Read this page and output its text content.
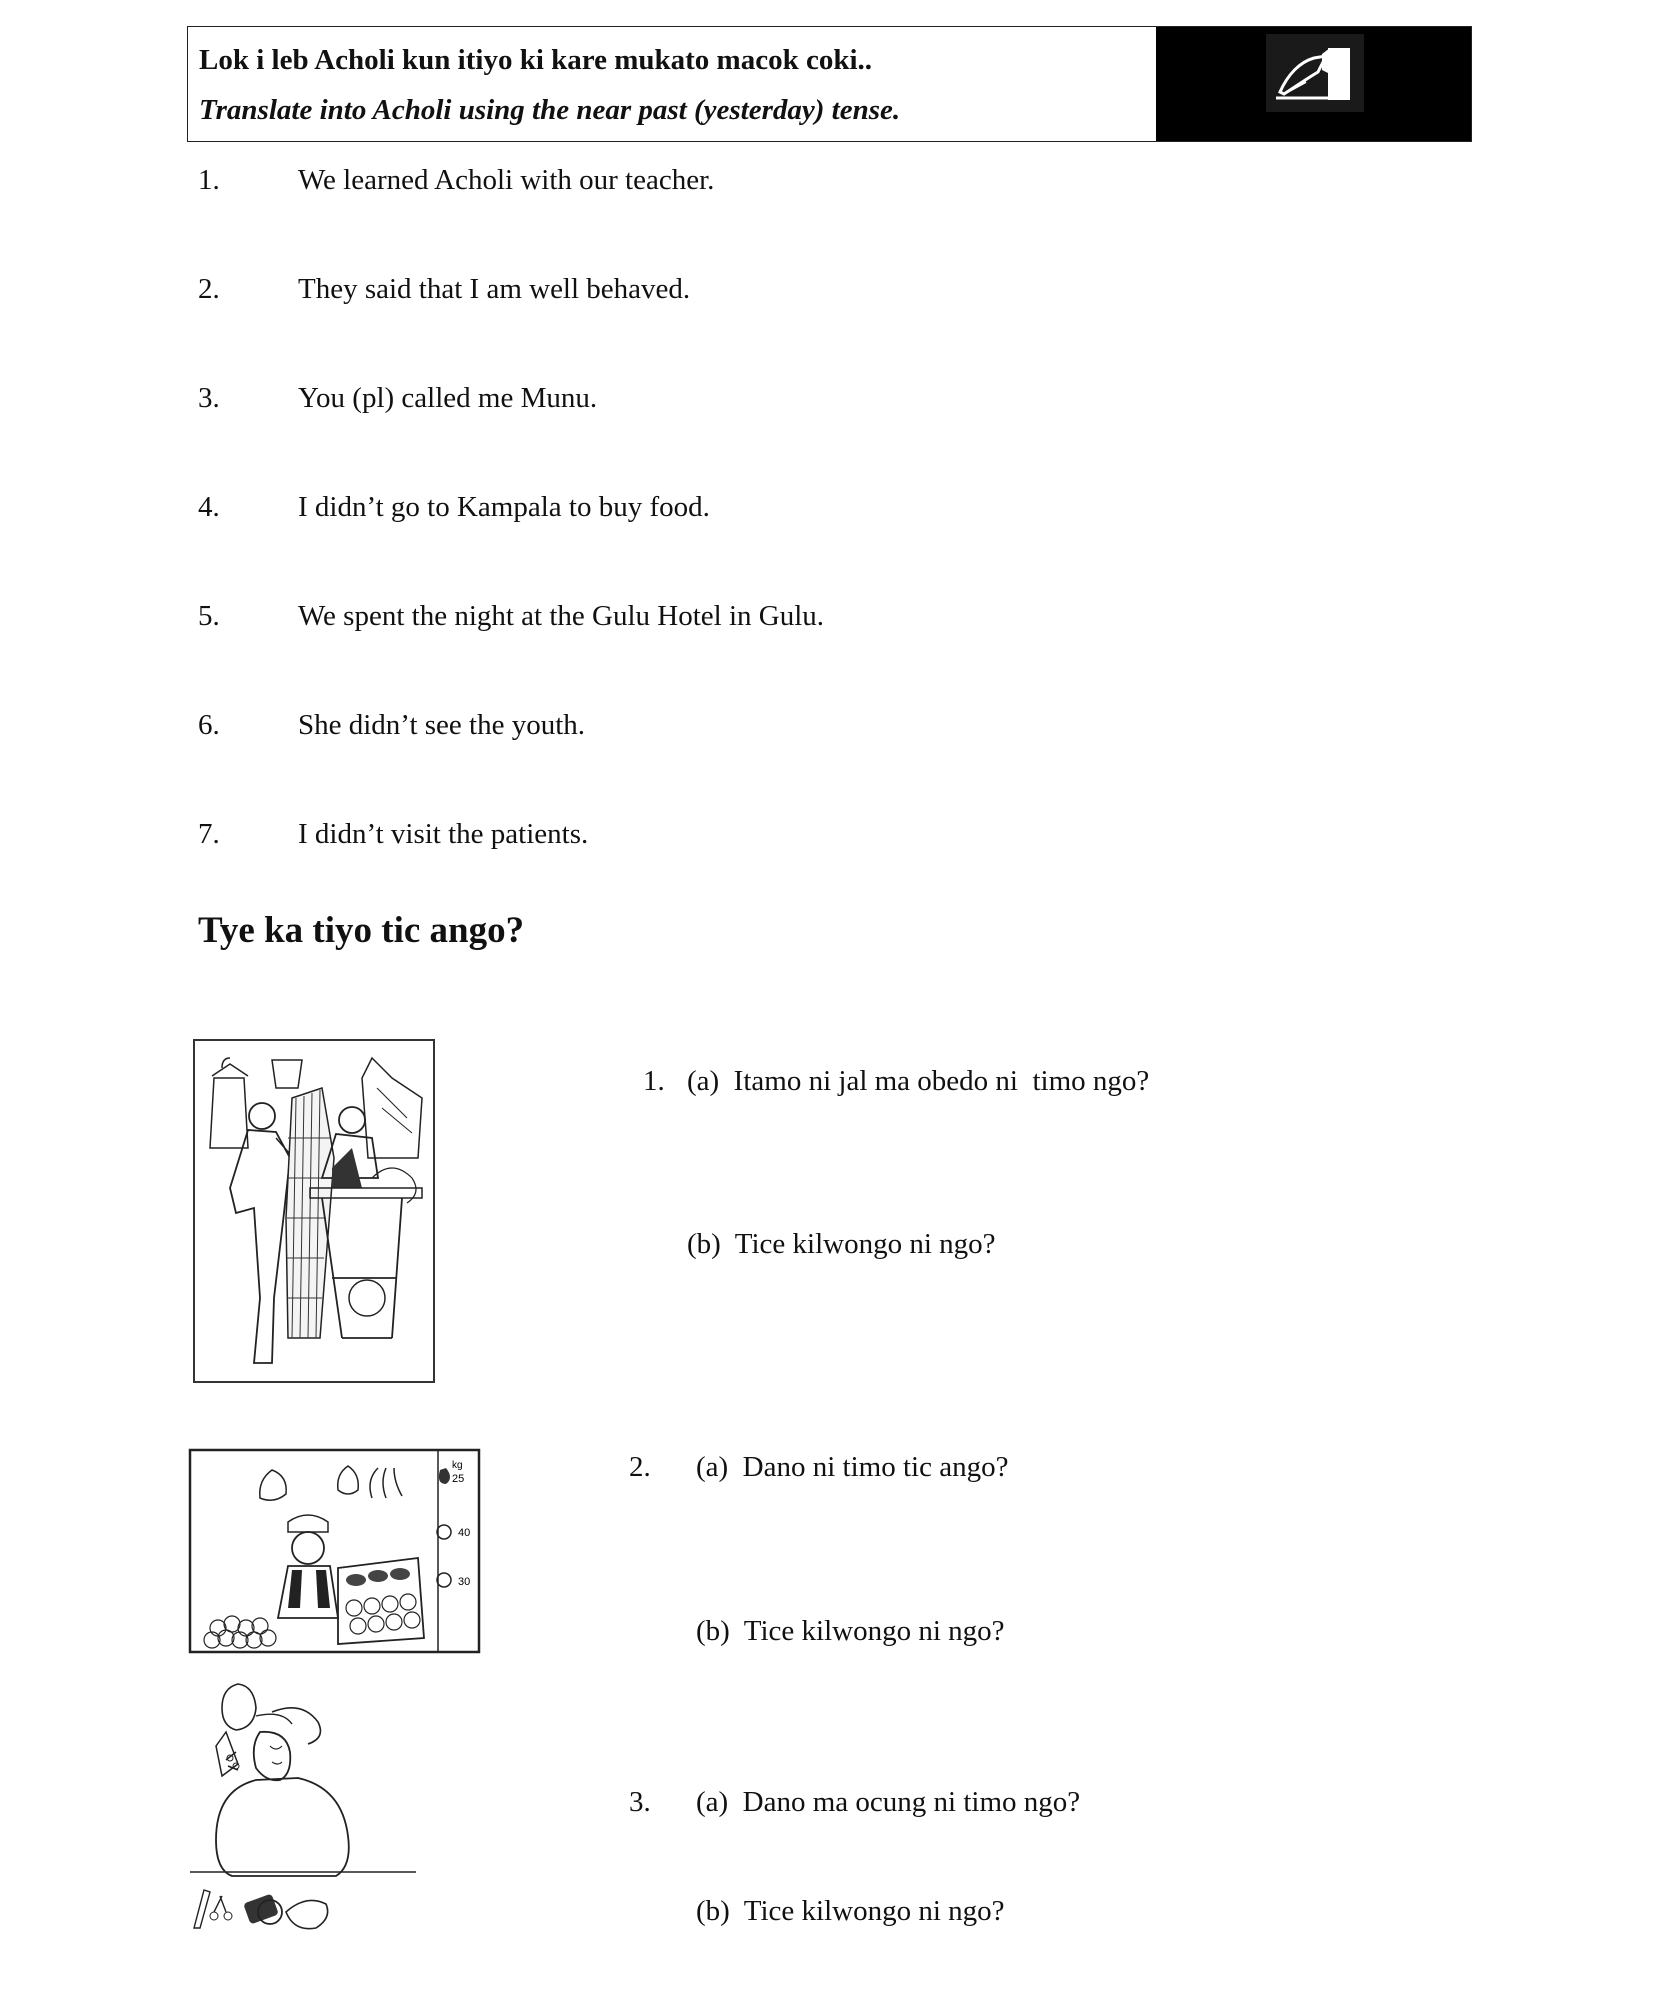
Lok i leb Acholi kun itiyo ki kare mukato macok coki..
Translate into Acholi using the near past (yesterday) tense.
1.	We learned Acholi with our teacher.
2.	They said that I am well behaved.
3.	You (pl) called me Munu.
4.	I didn’t go to Kampala to buy food.
5.	We spent the night at the Gulu Hotel in Gulu.
6.	She didn’t see the youth.
7.	I didn’t visit the patients.
Tye ka tiyo tic ango?
1. (a)  Itamo ni jal ma obedo ni  timo ngo?
(b)  Tice kilwongo ni ngo?
kg
25
40
30
2. (a)  Dano ni timo tic ango?
(b)  Tice kilwongo ni ngo?
3. (a)  Dano ma ocung ni timo ngo?
(b)  Tice kilwongo ni ngo?
